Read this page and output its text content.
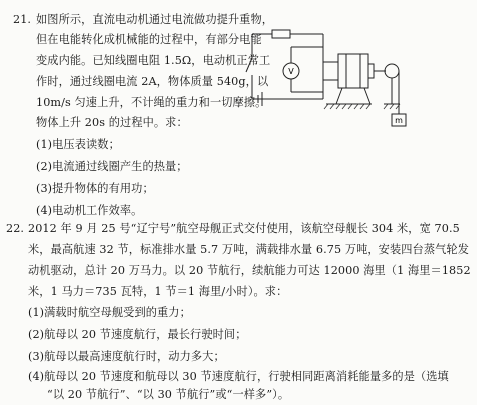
21. 如图所示，直流电动机通过电流做功提升重物，
但在电能转化成机械能的过程中，有部分电能
变成内能。已知线圈电阻 1.5Ω，电动机正常工
作时，通过线圈电流 2A，物体质量 540g，以
10m/s 匀速上升，不计绳的重力和一切摩擦。
物体上升 20s 的过程中。求：
(1)电压表读数；
(2)电流通过线圈产生的热量；
(3)提升物体的有用功；
(4)电动机工作效率。
V
m
22. 2012 年 9 月 25 号“辽宁号”航空母舰正式交付使用，该航空母舰长 304 米，宽 70.5
米，最高航速 32 节，标准排水量 5.7 万吨，满载排水量 6.75 万吨，安装四台蒸气轮发
动机驱动，总计 20 万马力。以 20 节航行，续航能力可达 12000 海里（1 海里＝1852
米，1 马力＝735 瓦特，1 节＝1 海里/小时）。求：
(1)满载时航空母舰受到的重力；
(2)航母以 20 节速度航行，最长行驶时间；
(3)航母以最高速度航行时，动力多大；
(4)航母以 20 节速度和航母以 30 节速度航行，行驶相同距离消耗能量多的是（选填
“以 20 节航行”、“以 30 节航行”或“一样多”）。
